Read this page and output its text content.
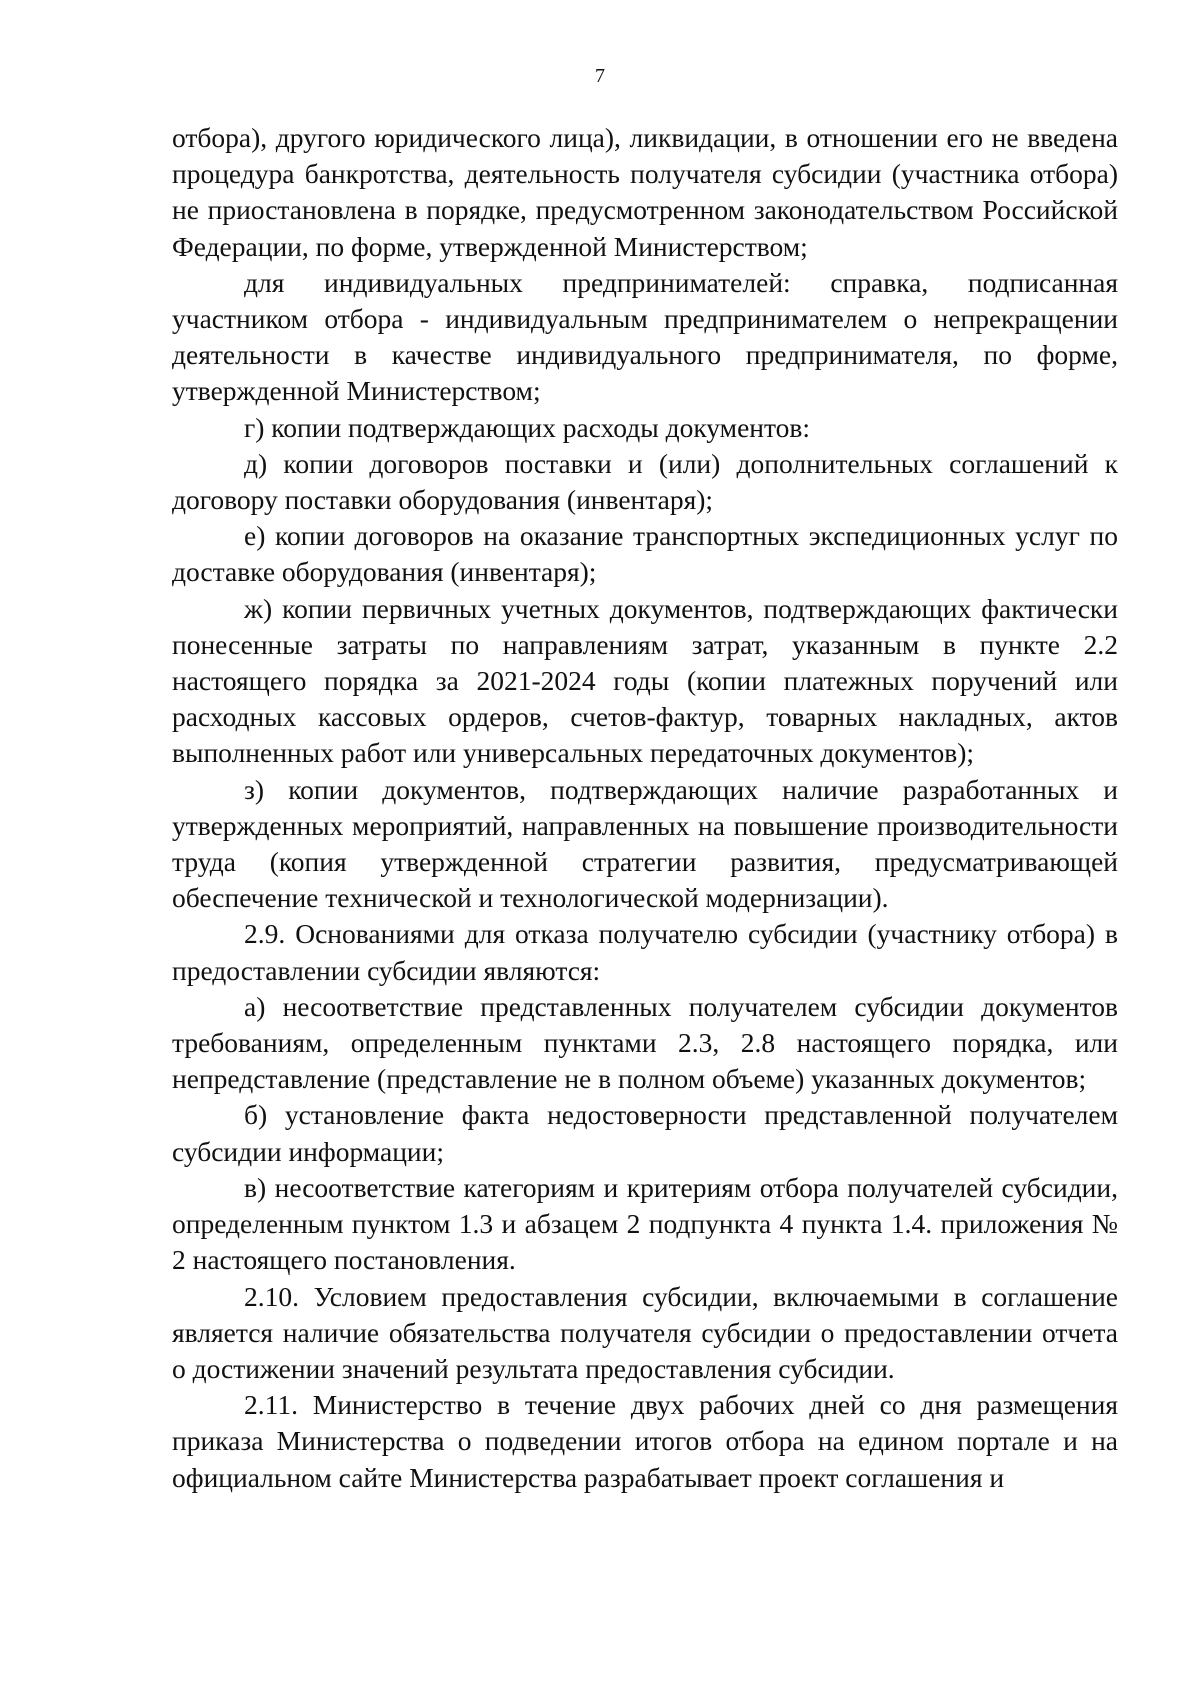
7

отбора), другого юридического лица), ликвидации, в отношении его не введена процедура банкротства, деятельность получателя субсидии (участника отбора) не приостановлена в порядке, предусмотренном законодательством Российской Федерации, по форме, утвержденной Министерством;

для индивидуальных предпринимателей: справка, подписанная участником отбора - индивидуальным предпринимателем о непрекращении деятельности в качестве индивидуального предпринимателя, по форме, утвержденной Министерством;

г) копии подтверждающих расходы документов:

д) копии договоров поставки и (или) дополнительных соглашений к договору поставки оборудования (инвентаря);

е) копии договоров на оказание транспортных экспедиционных услуг по доставке оборудования (инвентаря);

ж) копии первичных учетных документов, подтверждающих фактически понесенные затраты по направлениям затрат, указанным в пункте 2.2 настоящего порядка за 2021-2024 годы (копии платежных поручений или расходных кассовых ордеров, счетов-фактур, товарных накладных, актов выполненных работ или универсальных передаточных документов);

з) копии документов, подтверждающих наличие разработанных и утвержденных мероприятий, направленных на повышение производительности труда (копия утвержденной стратегии развития, предусматривающей обеспечение технической и технологической модернизации).

2.9. Основаниями для отказа получателю субсидии (участнику отбора) в предоставлении субсидии являются:

а) несоответствие представленных получателем субсидии документов требованиям, определенным пунктами 2.3, 2.8 настоящего порядка, или непредставление (представление не в полном объеме) указанных документов;

б) установление факта недостоверности представленной получателем субсидии информации;

в) несоответствие категориям и критериям отбора получателей субсидии, определенным пунктом 1.3 и абзацем 2 подпункта 4 пункта 1.4. приложения № 2 настоящего постановления.

2.10. Условием предоставления субсидии, включаемыми в соглашение является наличие обязательства получателя субсидии о предоставлении отчета о достижении значений результата предоставления субсидии.

2.11. Министерство в течение двух рабочих дней со дня размещения приказа Министерства о подведении итогов отбора на едином портале и на официальном сайте Министерства разрабатывает проект соглашения и
